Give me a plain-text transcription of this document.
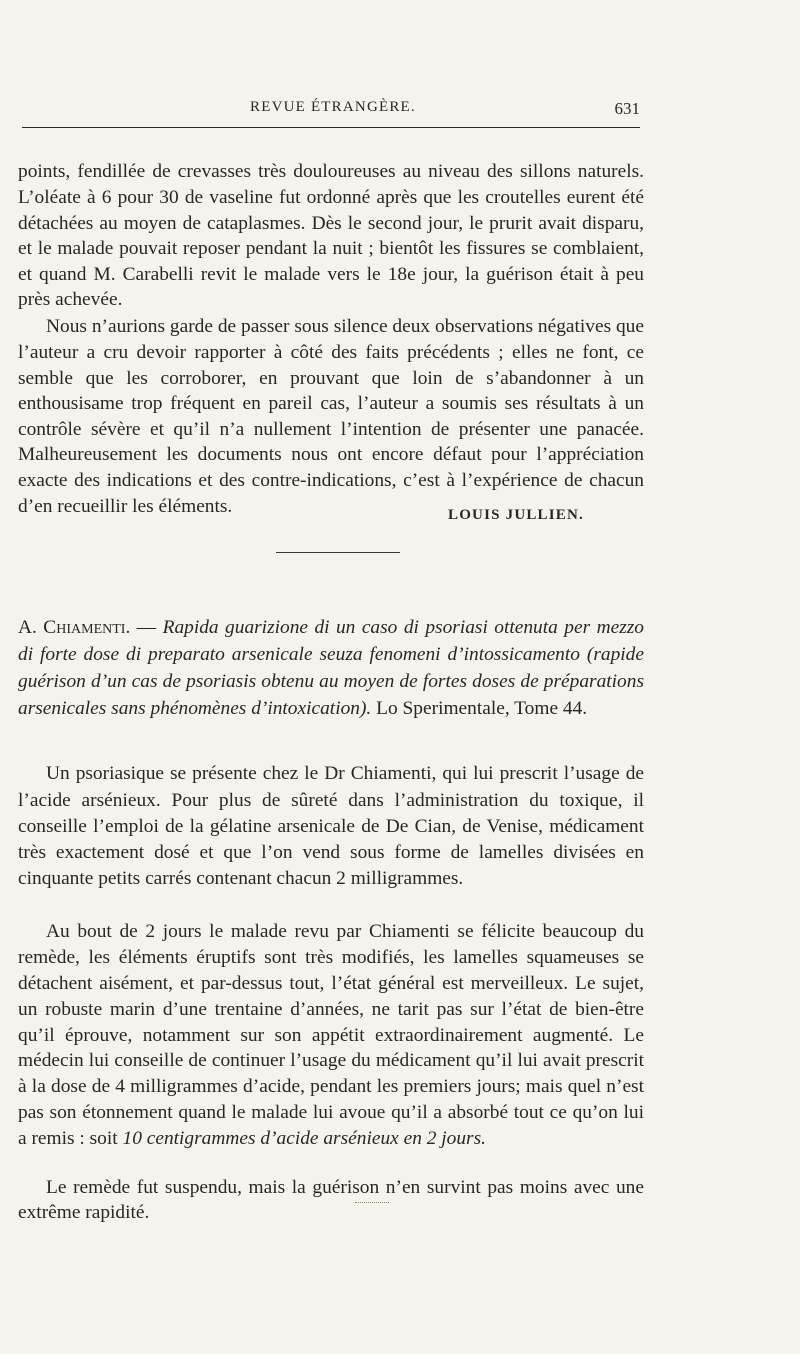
REVUE ÉTRANGÈRE.	631

points, fendillée de crevasses très douloureuses au niveau des sillons naturels. L’oléate à 6 pour 30 de vaseline fut ordonné après que les croutelles eurent été détachées au moyen de cataplasmes. Dès le second jour, le prurit avait disparu, et le malade pouvait reposer pendant la nuit ; bientôt les fissures se comblaient, et quand M. Carabelli revit le malade vers le 18e jour, la guérison était à peu près achevée.

Nous n’aurions garde de passer sous silence deux observations négatives que l’auteur a cru devoir rapporter à côté des faits précédents ; elles ne font, ce semble que les corroborer, en prouvant que loin de s’abandonner à un enthousisame trop fréquent en pareil cas, l’auteur a soumis ses résultats à un contrôle sévère et qu’il n’a nullement l’intention de présenter une panacée. Malheureusement les documents nous ont encore défaut pour l’appréciation exacte des indications et des contre-indications, c’est à l’expérience de chacun d’en recueillir les éléments.	LOUIS JULLIEN.

A. Chiamenti. — Rapida guarizione di un caso di psoriasi ottenuta per mezzo di forte dose di preparato arsenicale seuza fenomeni d’intossicamento (rapide guérison d’un cas de psoriasis obtenu au moyen de fortes doses de préparations arsenicales sans phénomènes d’intoxication). Lo Sperimentale, Tome 44.

Un psoriasique se présente chez le Dr Chiamenti, qui lui prescrit l’usage de l’acide arsénieux. Pour plus de sûreté dans l’administration du toxique, il conseille l’emploi de la gélatine arsenicale de De Cian, de Venise, médicament très exactement dosé et que l’on vend sous forme de lamelles divisées en cinquante petits carrés contenant chacun 2 milligrammes.

Au bout de 2 jours le malade revu par Chiamenti se félicite beaucoup du remède, les éléments éruptifs sont très modifiés, les lamelles squameuses se détachent aisément, et par-dessus tout, l’état général est merveilleux. Le sujet, un robuste marin d’une trentaine d’années, ne tarit pas sur l’état de bien-être qu’il éprouve, notamment sur son appétit extraordinairement augmenté. Le médecin lui conseille de continuer l’usage du médicament qu’il lui avait prescrit à la dose de 4 milligrammes d’acide, pendant les premiers jours; mais quel n’est pas son étonnement quand le malade lui avoue qu’il a absorbé tout ce qu’on lui a remis : soit 10 centigrammes d’acide arsénieux en 2 jours.

Le remède fut suspendu, mais la guérison n’en survint pas moins avec une extrême rapidité.
